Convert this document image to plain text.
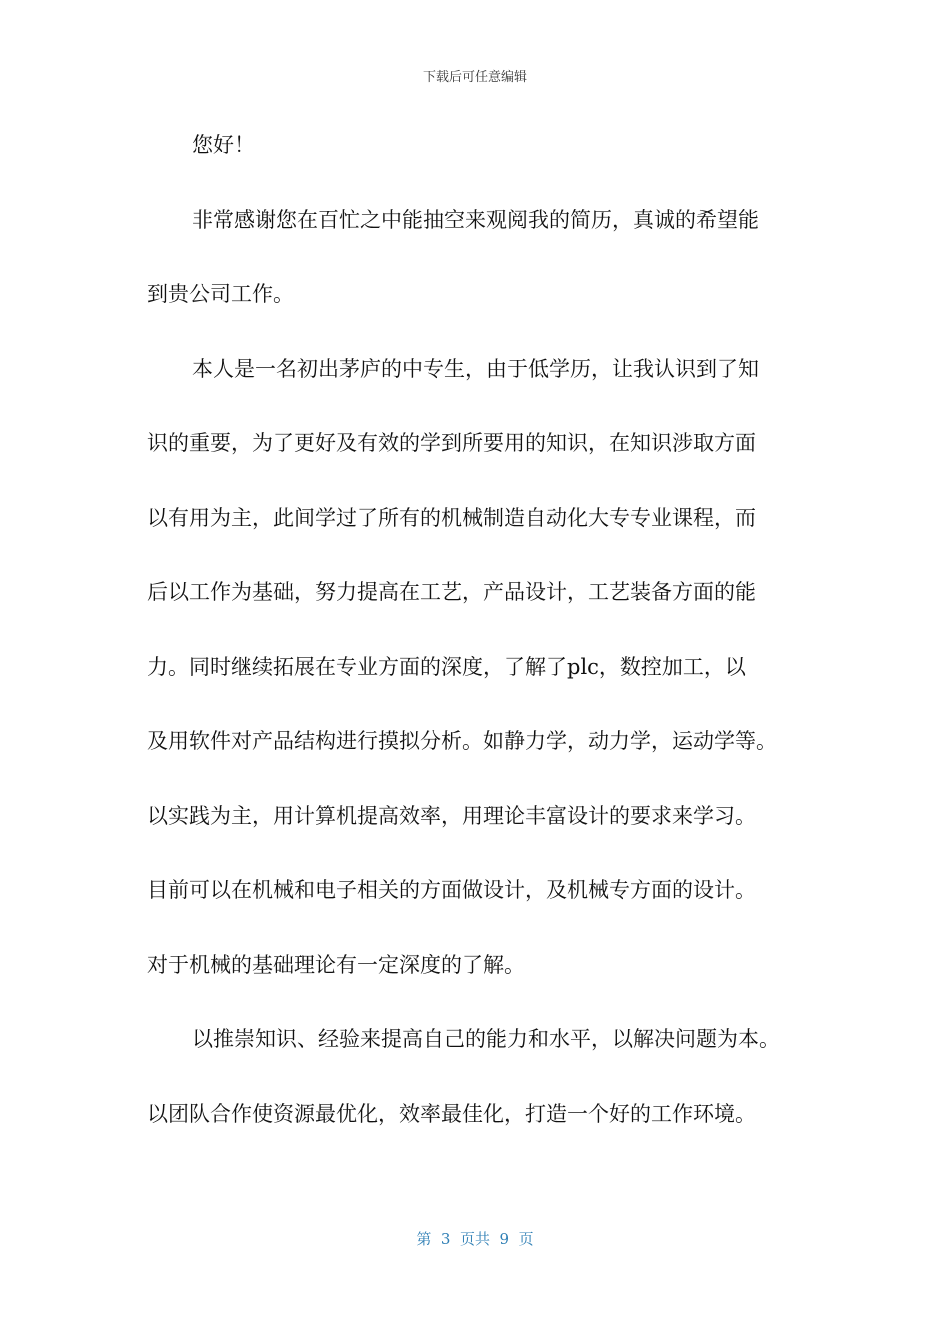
下载后可任意编辑
您好！
非常感谢您在百忙之中能抽空来观阅我的简历，真诚的希望能
到贵公司工作。
本人是一名初出茅庐的中专生，由于低学历，让我认识到了知
识的重要，为了更好及有效的学到所要用的知识，在知识涉取方面
以有用为主，此间学过了所有的机械制造自动化大专专业课程，而
后以工作为基础，努力提高在工艺，产品设计，工艺装备方面的能
力。同时继续拓展在专业方面的深度，了解了plc，数控加工，以
及用软件对产品结构进行摸拟分析。如静力学，动力学，运动学等。
以实践为主，用计算机提高效率，用理论丰富设计的要求来学习。
目前可以在机械和电子相关的方面做设计，及机械专方面的设计。
对于机械的基础理论有一定深度的了解。
以推崇知识、经验来提高自己的能力和水平，以解决问题为本。
以团队合作使资源最优化，效率最佳化，打造一个好的工作环境。
第  3  页共  9  页
